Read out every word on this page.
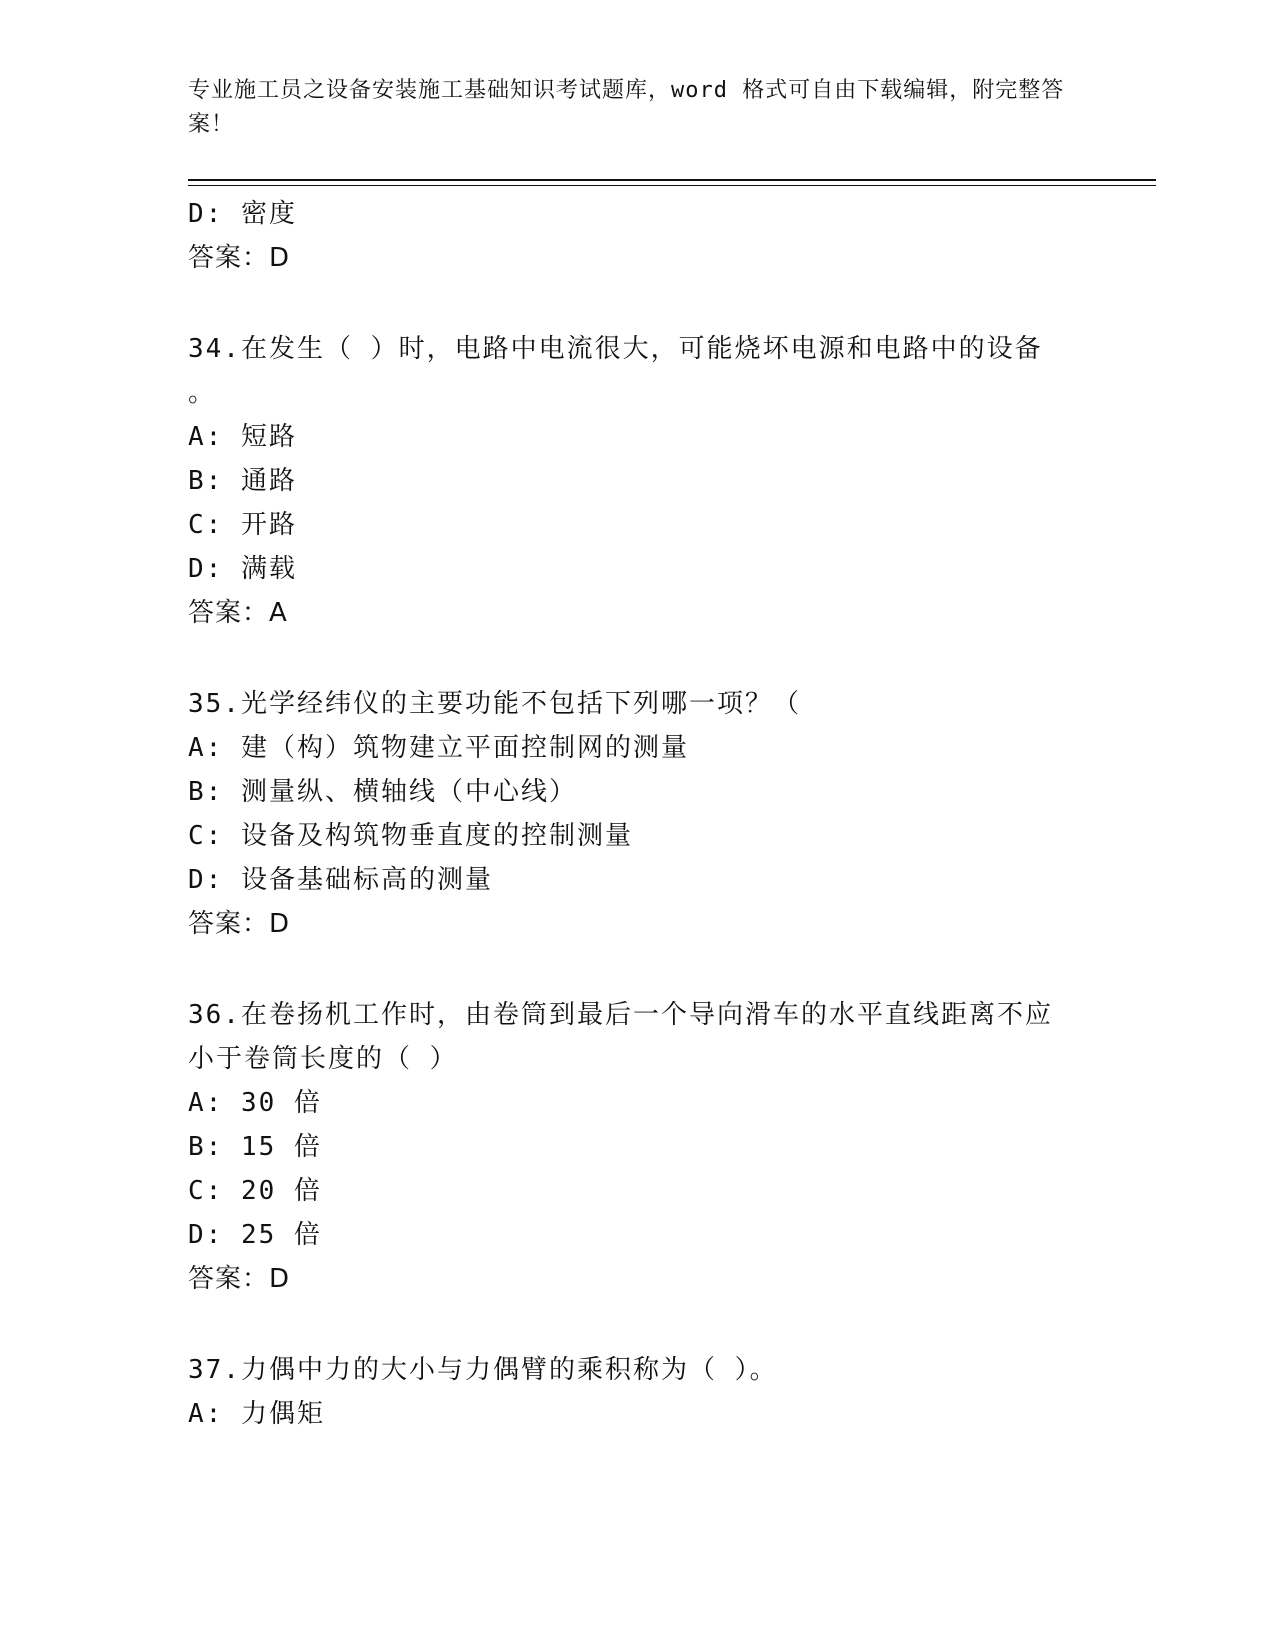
专业施工员之设备安装施工基础知识考试题库，word 格式可自由下载编辑，附完整答案！
D: 密度
答案：D
34.在发生（ ）时，电路中电流很大，可能烧坏电源和电路中的设备
。
A: 短路
B: 通路
C: 开路
D: 满载
答案：A
35.光学经纬仪的主要功能不包括下列哪一项？（
A: 建（构）筑物建立平面控制网的测量
B: 测量纵、横轴线（中心线）
C: 设备及构筑物垂直度的控制测量
D: 设备基础标高的测量
答案：D
36.在卷扬机工作时，由卷筒到最后一个导向滑车的水平直线距离不应
小于卷筒长度的（ ）
A: 30 倍
B: 15 倍
C: 20 倍
D: 25 倍
答案：D
37.力偶中力的大小与力偶臂的乘积称为（ ）。
A: 力偶矩
